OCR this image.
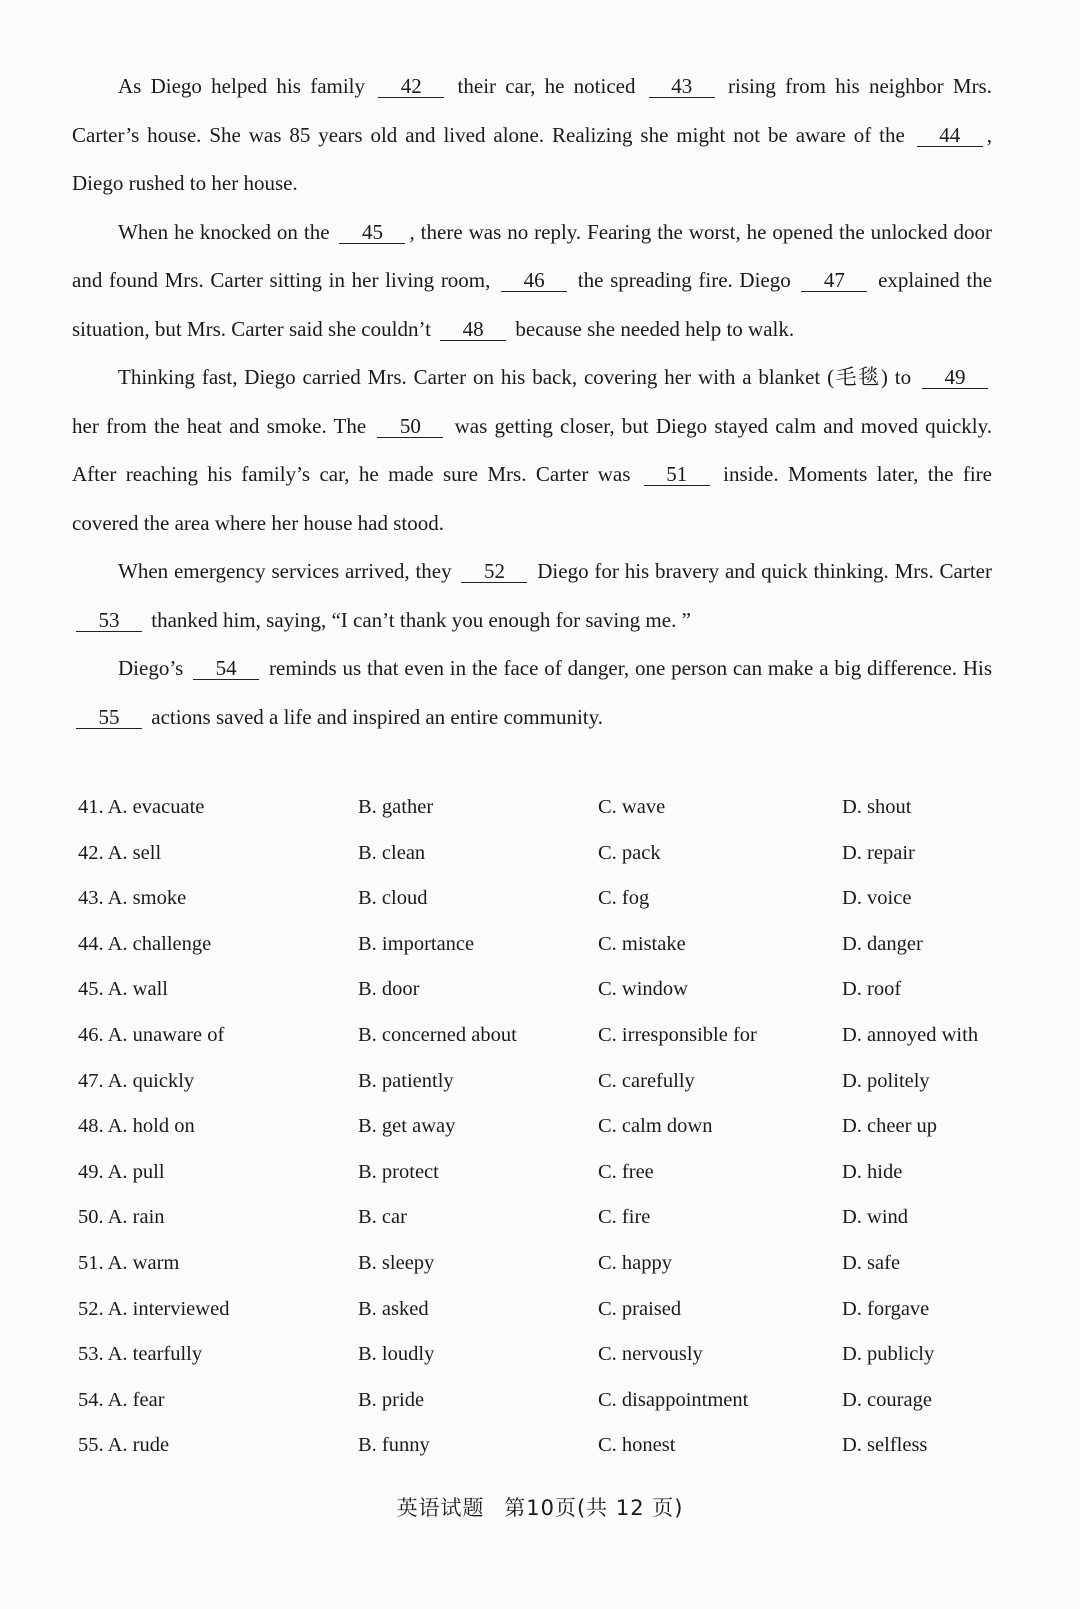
As Diego helped his family 42 their car, he noticed 43 rising from his neighbor Mrs. Carter’s house. She was 85 years old and lived alone. Realizing she might not be aware of the 44 , Diego rushed to her house.

When he knocked on the 45 , there was no reply. Fearing the worst, he opened the unlocked door and found Mrs. Carter sitting in her living room, 46 the spreading fire. Diego 47 explained the situation, but Mrs. Carter said she couldn’t 48 because she needed help to walk.

Thinking fast, Diego carried Mrs. Carter on his back, covering her with a blanket (毛毯) to 49 her from the heat and smoke. The 50 was getting closer, but Diego stayed calm and moved quickly. After reaching his family’s car, he made sure Mrs. Carter was 51 inside. Moments later, the fire covered the area where her house had stood.

When emergency services arrived, they 52 Diego for his bravery and quick thinking. Mrs. Carter 53 thanked him, saying, “I can’t thank you enough for saving me. ”

Diego’s 54 reminds us that even in the face of danger, one person can make a big difference. His 55 actions saved a life and inspired an entire community.

41. A. evacuate	B. gather	C. wave	D. shout
42. A. sell	B. clean	C. pack	D. repair
43. A. smoke	B. cloud	C. fog	D. voice
44. A. challenge	B. importance	C. mistake	D. danger
45. A. wall	B. door	C. window	D. roof
46. A. unaware of	B. concerned about	C. irresponsible for	D. annoyed with
47. A. quickly	B. patiently	C. carefully	D. politely
48. A. hold on	B. get away	C. calm down	D. cheer up
49. A. pull	B. protect	C. free	D. hide
50. A. rain	B. car	C. fire	D. wind
51. A. warm	B. sleepy	C. happy	D. safe
52. A. interviewed	B. asked	C. praised	D. forgave
53. A. tearfully	B. loudly	C. nervously	D. publicly
54. A. fear	B. pride	C. disappointment	D. courage
55. A. rude	B. funny	C. honest	D. selfless
英语试题 第10页(共 12 页)
